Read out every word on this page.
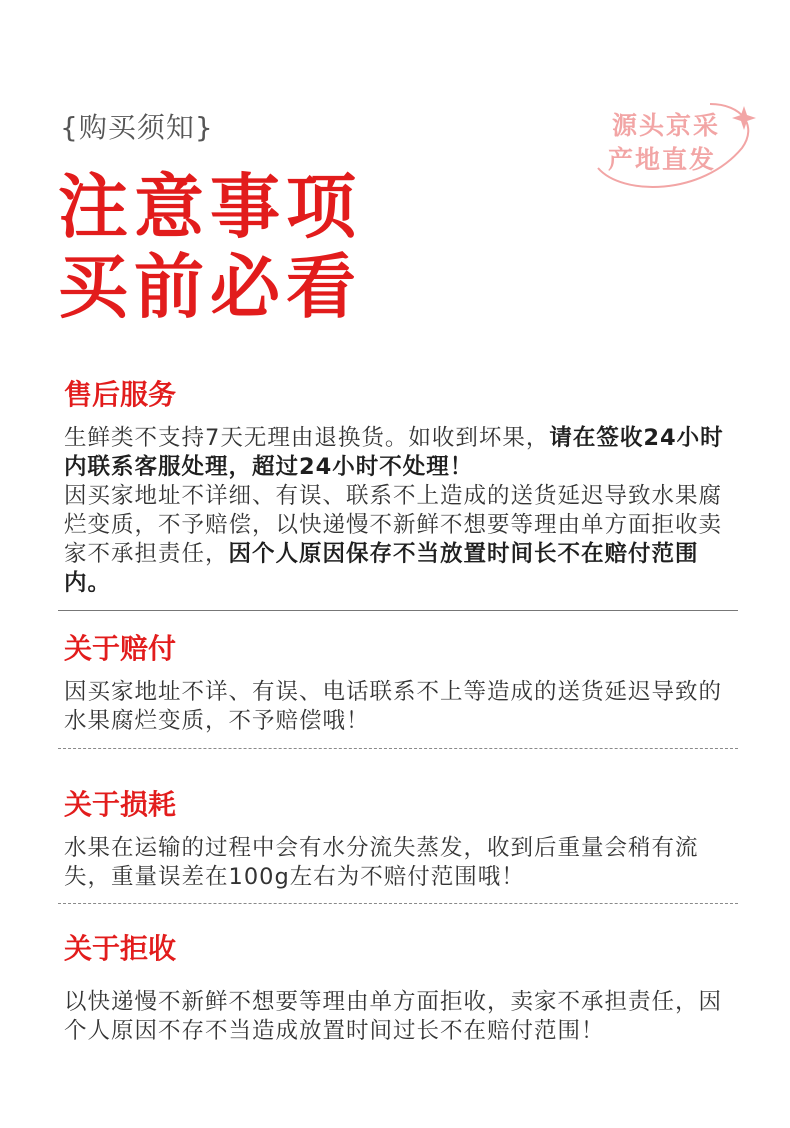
{购买须知}	源头京采
产地直发
注意事项
买前必看
售后服务

生鲜类不支持7天无理由退换货。如收到坏果，请在签收24小时内联系客服处理，超过24小时不处理！
因买家地址不详细、有误、联系不上造成的送货延迟导致水果腐烂变质，不予赔偿，以快递慢不新鲜不想要等理由单方面拒收卖家不承担责任，因个人原因保存不当放置时间长不在赔付范围内。

关于赔付

因买家地址不详、有误、电话联系不上等造成的送货延迟导致的水果腐烂变质，不予赔偿哦！

关于损耗

水果在运输的过程中会有水分流失蒸发，收到后重量会稍有流失，重量误差在100g左右为不赔付范围哦！

关于拒收

以快递慢不新鲜不想要等理由单方面拒收，卖家不承担责任，因个人原因不存不当造成放置时间过长不在赔付范围！
